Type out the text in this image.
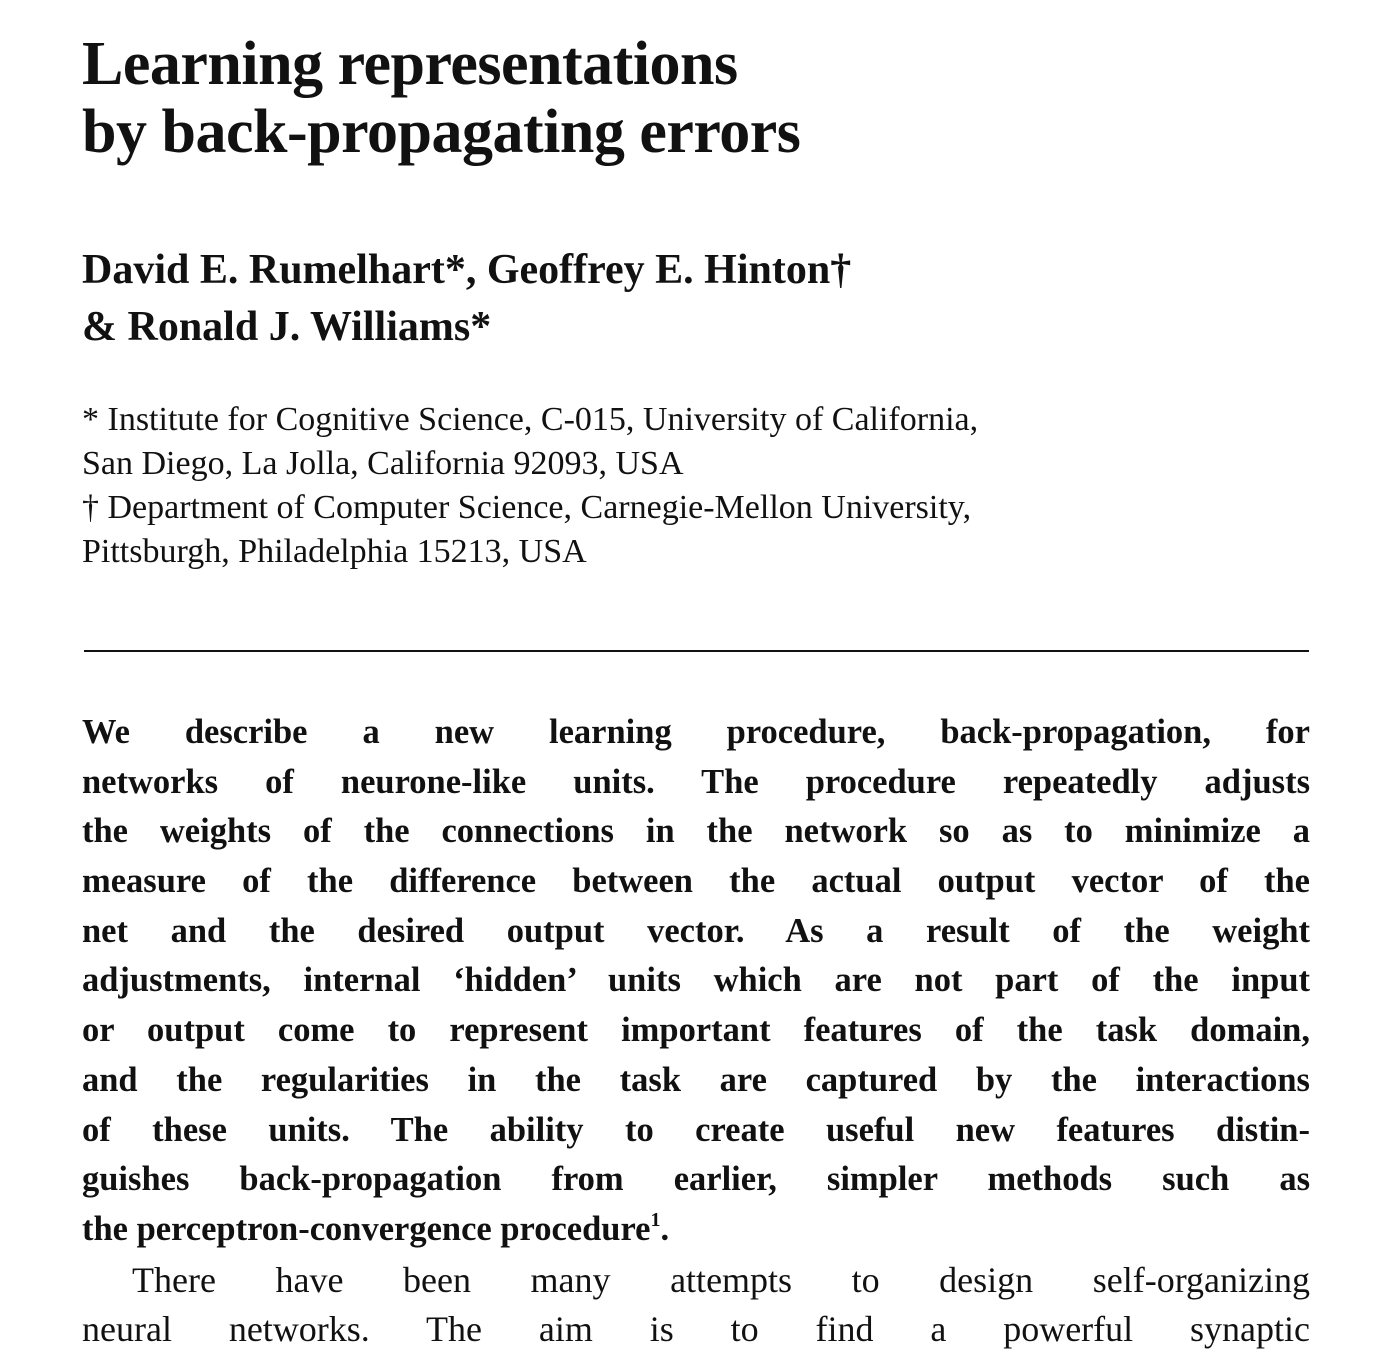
Learning representations
by back-propagating errors
David E. Rumelhart*, Geoffrey E. Hinton†
& Ronald J. Williams*
* Institute for Cognitive Science, C-015, University of California,
San Diego, La Jolla, California 92093, USA
† Department of Computer Science, Carnegie-Mellon University,
Pittsburgh, Philadelphia 15213, USA
We describe a new learning procedure, back-propagation, for
networks of neurone-like units. The procedure repeatedly adjusts
the weights of the connections in the network so as to minimize a
measure of the difference between the actual output vector of the
net and the desired output vector. As a result of the weight
adjustments, internal ‘hidden’ units which are not part of the input
or output come to represent important features of the task domain,
and the regularities in the task are captured by the interactions
of these units. The ability to create useful new features distin-
guishes back-propagation from earlier, simpler methods such as
the perceptron-convergence procedure$^1$.
There have been many attempts to design self-organizing
neural networks. The aim is to find a powerful synaptic
